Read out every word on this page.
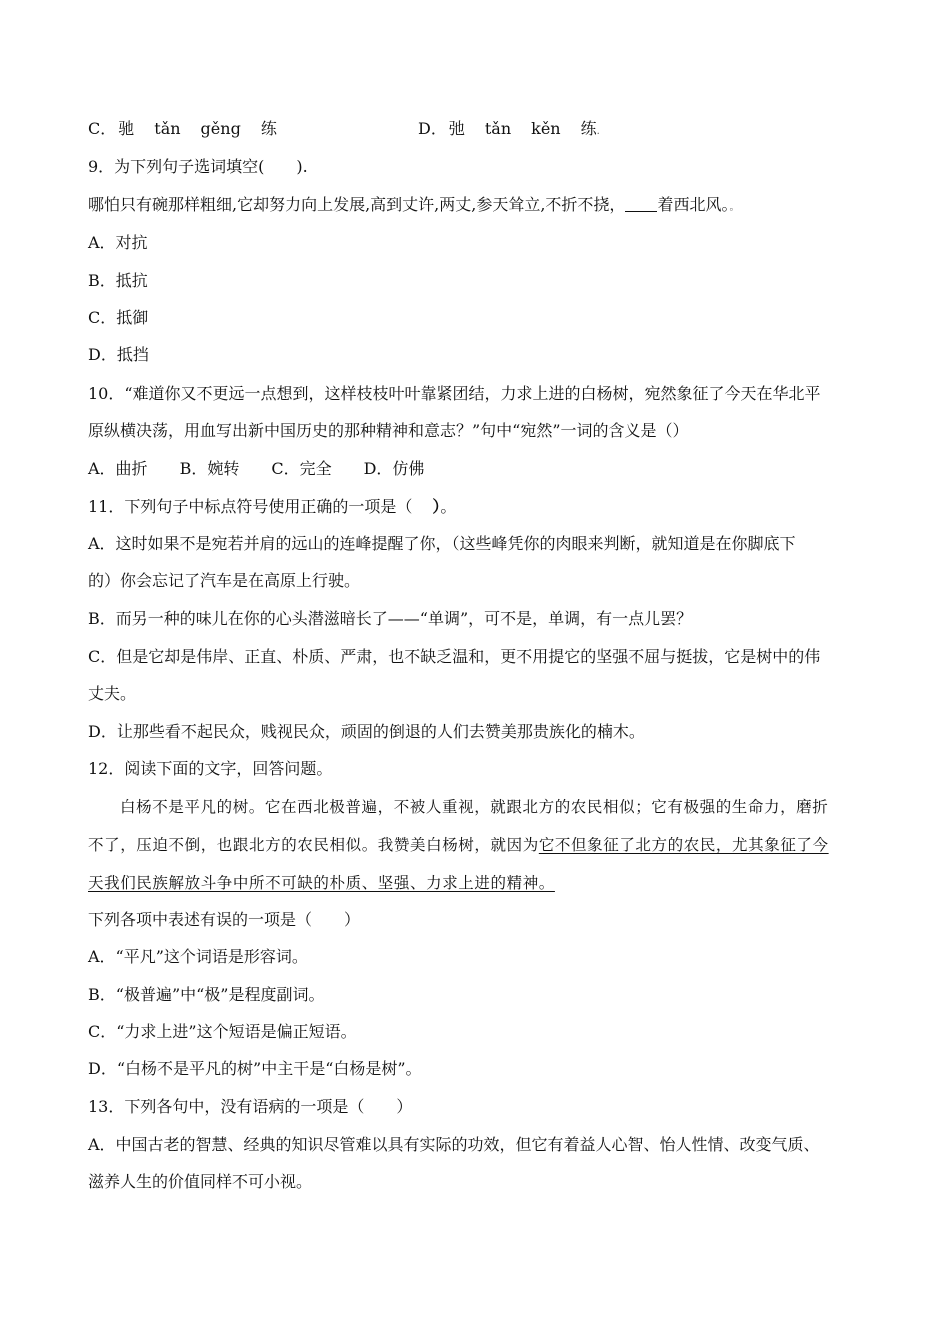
C． 驰 tǎn gěng 练	D． 弛 tǎn kěn 练.
9．为下列句子选词填空(　　).
哪怕只有碗那样粗细,它却努力向上发展,高到丈许,两丈,参天耸立,不折不挠， 着西北风。。
A．对抗
B．抵抗
C．抵御
D．抵挡
10．“难道你又不更远一点想到，这样枝枝叶叶靠紧团结，力求上进的白杨树，宛然象征了今天在华北平
原纵横决荡，用血写出新中国历史的那种精神和意志？”句中“宛然”一词的含义是（）
A．曲折 B．婉转 C．完全 D．仿佛
11．下列句子中标点符号使用正确的一项是（ ）。
A．这时如果不是宛若并肩的远山的连峰提醒了你，（这些峰凭你的肉眼来判断，就知道是在你脚底下
的）你会忘记了汽车是在高原上行驶。
B．而另一种的味儿在你的心头潜滋暗长了——“单调”，可不是，单调，有一点儿罢？
C．但是它却是伟岸、正直、朴质、严肃，也不缺乏温和，更不用提它的坚强不屈与挺拔，它是树中的伟
丈夫。
D．让那些看不起民众，贱视民众，顽固的倒退的人们去赞美那贵族化的楠木。
12．阅读下面的文字，回答问题。
白杨不是平凡的树。它在西北极普遍，不被人重视，就跟北方的农民相似；它有极强的生命力，磨折
不了，压迫不倒，也跟北方的农民相似。我赞美白杨树，就因为它不但象征了北方的农民，尤其象征了今
天我们民族解放斗争中所不可缺的朴质、坚强、力求上进的精神。
下列各项中表述有误的一项是（　　）
A．“平凡”这个词语是形容词。
B．“极普遍”中“极”是程度副词。
C．“力求上进”这个短语是偏正短语。
D．“白杨不是平凡的树”中主干是“白杨是树”。
13．下列各句中，没有语病的一项是（　　）
A．中国古老的智慧、经典的知识尽管难以具有实际的功效，但它有着益人心智、怡人性情、改变气质、
滋养人生的价值同样不可小视。
